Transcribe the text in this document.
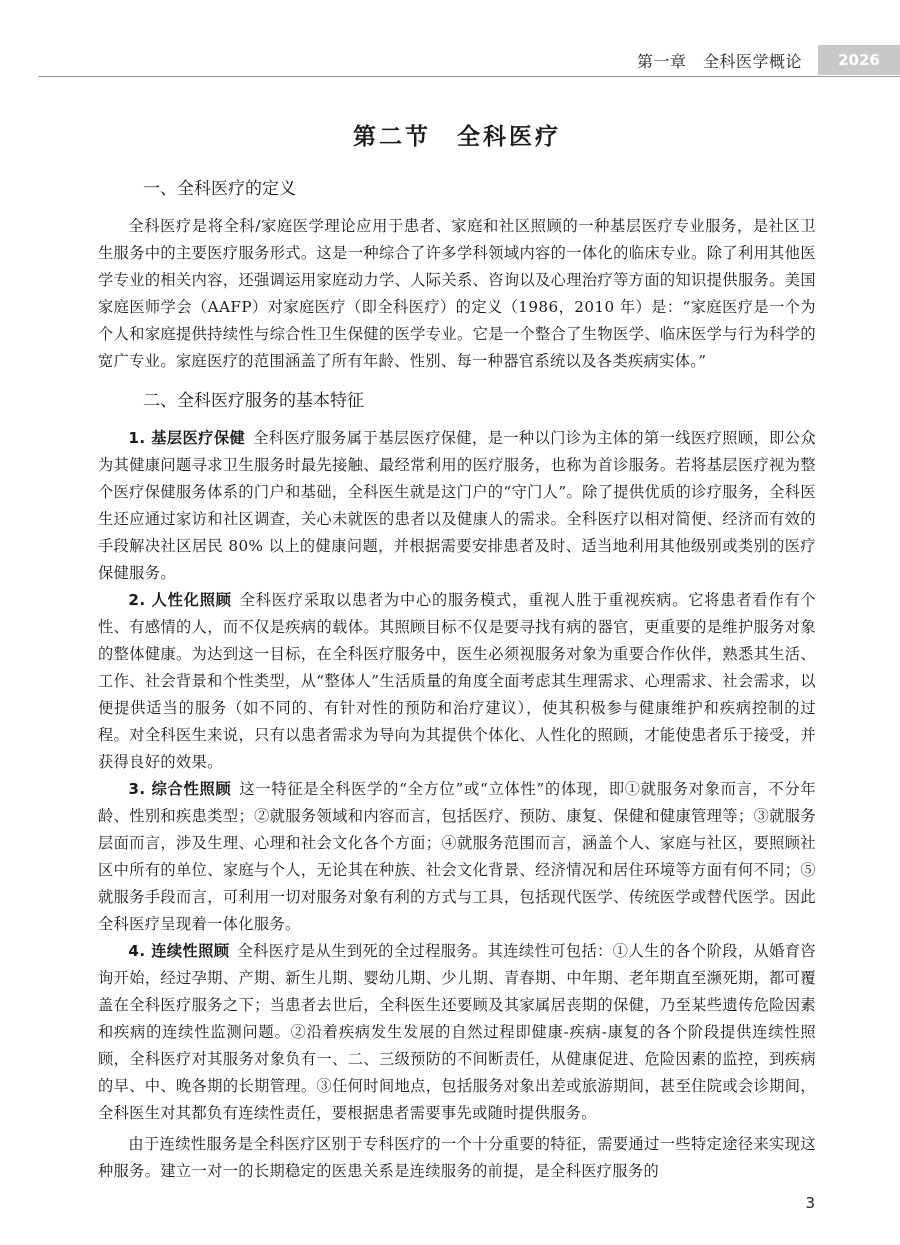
第一章　全科医学概论	2026
第二节　全科医疗
一、全科医疗的定义

全科医疗是将全科/家庭医学理论应用于患者、家庭和社区照顾的一种基层医疗专业服务，是社区卫生服务中的主要医疗服务形式。这是一种综合了许多学科领域内容的一体化的临床专业。除了利用其他医学专业的相关内容，还强调运用家庭动力学、人际关系、咨询以及心理治疗等方面的知识提供服务。美国家庭医师学会（AAFP）对家庭医疗（即全科医疗）的定义（1986，2010 年）是：“家庭医疗是一个为个人和家庭提供持续性与综合性卫生保健的医学专业。它是一个整合了生物医学、临床医学与行为科学的宽广专业。家庭医疗的范围涵盖了所有年龄、性别、每一种器官系统以及各类疾病实体。”

二、全科医疗服务的基本特征

1. 基层医疗保健 全科医疗服务属于基层医疗保健，是一种以门诊为主体的第一线医疗照顾，即公众为其健康问题寻求卫生服务时最先接触、最经常利用的医疗服务，也称为首诊服务。若将基层医疗视为整个医疗保健服务体系的门户和基础，全科医生就是这门户的“守门人”。除了提供优质的诊疗服务，全科医生还应通过家访和社区调查，关心未就医的患者以及健康人的需求。全科医疗以相对简便、经济而有效的手段解决社区居民 80% 以上的健康问题，并根据需要安排患者及时、适当地利用其他级别或类别的医疗保健服务。

2. 人性化照顾 全科医疗采取以患者为中心的服务模式，重视人胜于重视疾病。它将患者看作有个性、有感情的人，而不仅是疾病的载体。其照顾目标不仅是要寻找有病的器官，更重要的是维护服务对象的整体健康。为达到这一目标，在全科医疗服务中，医生必须视服务对象为重要合作伙伴，熟悉其生活、工作、社会背景和个性类型，从“整体人”生活质量的角度全面考虑其生理需求、心理需求、社会需求，以便提供适当的服务（如不同的、有针对性的预防和治疗建议），使其积极参与健康维护和疾病控制的过程。对全科医生来说，只有以患者需求为导向为其提供个体化、人性化的照顾，才能使患者乐于接受，并获得良好的效果。

3. 综合性照顾 这一特征是全科医学的“全方位”或“立体性”的体现，即①就服务对象而言，不分年龄、性别和疾患类型；②就服务领域和内容而言，包括医疗、预防、康复、保健和健康管理等；③就服务层面而言，涉及生理、心理和社会文化各个方面；④就服务范围而言，涵盖个人、家庭与社区，要照顾社区中所有的单位、家庭与个人，无论其在种族、社会文化背景、经济情况和居住环境等方面有何不同；⑤就服务手段而言，可利用一切对服务对象有利的方式与工具，包括现代医学、传统医学或替代医学。因此全科医疗呈现着一体化服务。

4. 连续性照顾 全科医疗是从生到死的全过程服务。其连续性可包括：①人生的各个阶段，从婚育咨询开始，经过孕期、产期、新生儿期、婴幼儿期、少儿期、青春期、中年期、老年期直至濒死期，都可覆盖在全科医疗服务之下；当患者去世后，全科医生还要顾及其家属居丧期的保健，乃至某些遗传危险因素和疾病的连续性监测问题。②沿着疾病发生发展的自然过程即健康-疾病-康复的各个阶段提供连续性照顾，全科医疗对其服务对象负有一、二、三级预防的不间断责任，从健康促进、危险因素的监控，到疾病的早、中、晚各期的长期管理。③任何时间地点，包括服务对象出差或旅游期间，甚至住院或会诊期间，全科医生对其都负有连续性责任，要根据患者需要事先或随时提供服务。

由于连续性服务是全科医疗区别于专科医疗的一个十分重要的特征，需要通过一些特定途径来实现这种服务。建立一对一的长期稳定的医患关系是连续服务的前提，是全科医疗服务的

3
